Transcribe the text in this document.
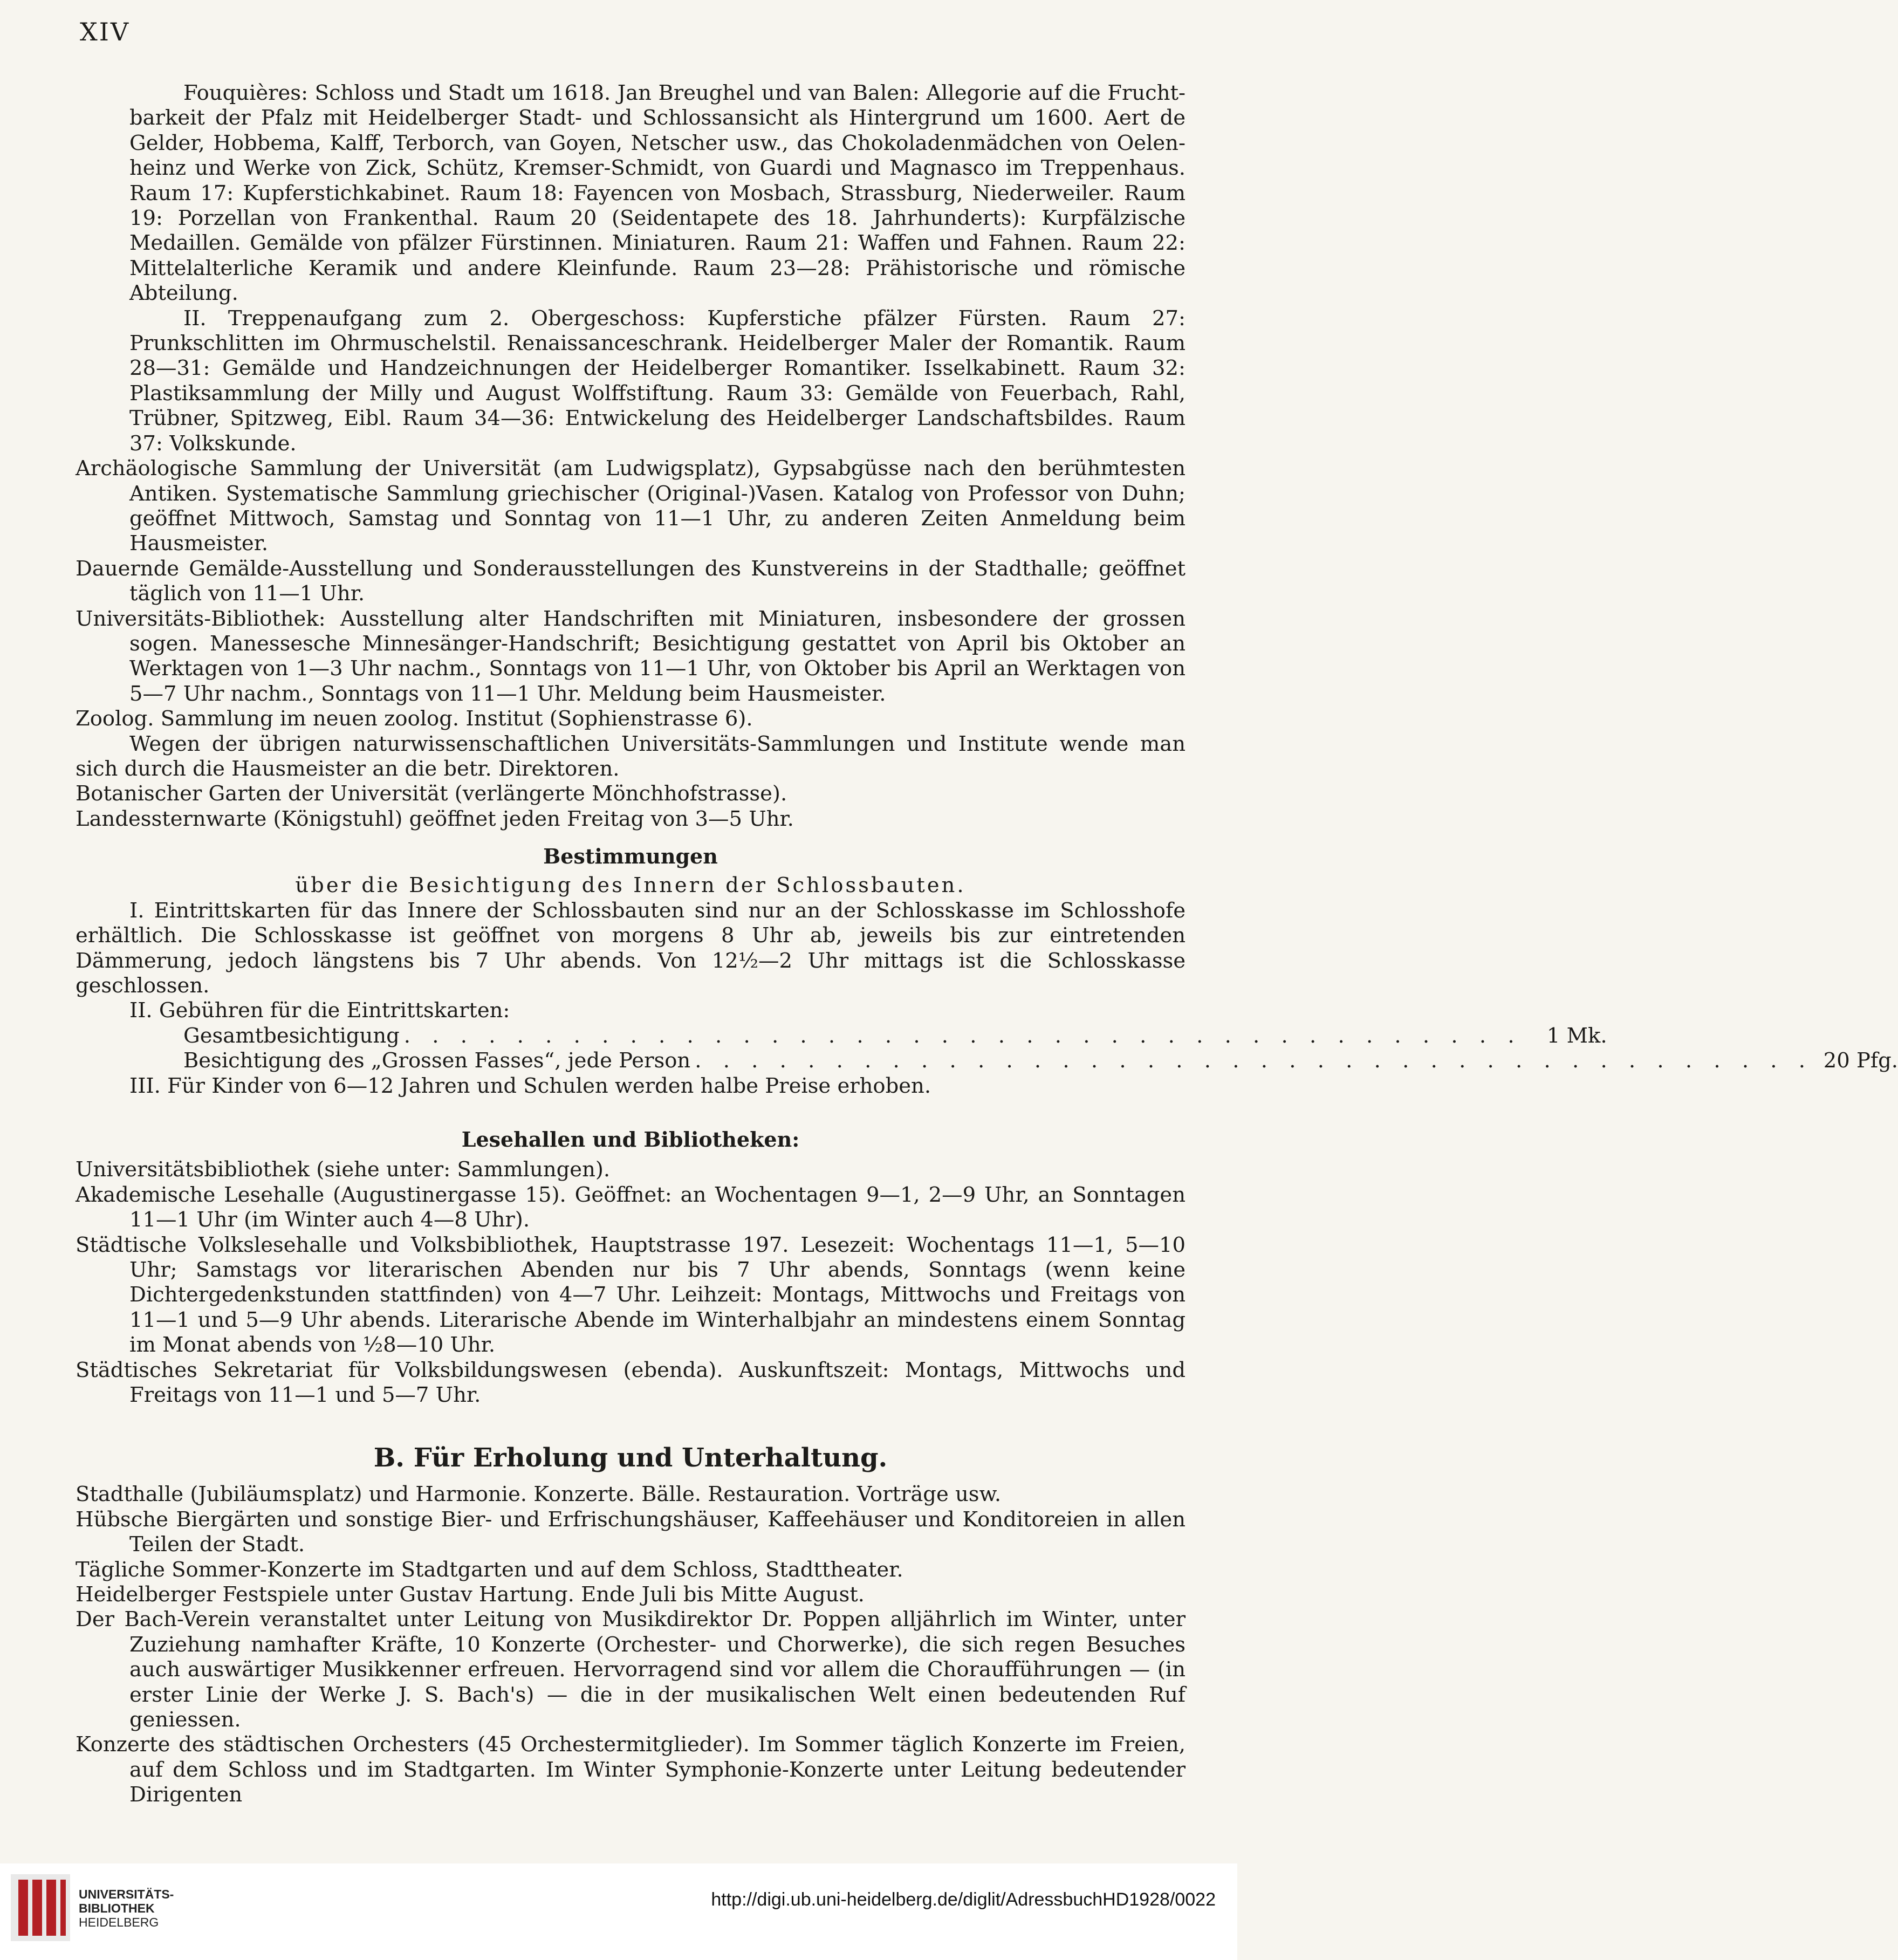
XIV

Fouquières: Schloss und Stadt um 1618. Jan Breughel und van Balen: Allegorie auf die Fruchtbarkeit der Pfalz mit Heidelberger Stadt- und Schlossansicht als Hintergrund um 1600. Aert de Gelder, Hobbema, Kalff, Terborch, van Goyen, Netscher usw., das Chokoladenmädchen von Oelenheinz und Werke von Zick, Schütz, Kremser-Schmidt, von Guardi und Magnasco im Treppenhaus. Raum 17: Kupferstichkabinet. Raum 18: Fayencen von Mosbach, Strassburg, Niederweiler. Raum 19: Porzellan von Frankenthal. Raum 20 (Seidentapete des 18. Jahrhunderts): Kurpfälzische Medaillen. Gemälde von pfälzer Fürstinnen. Miniaturen. Raum 21: Waffen und Fahnen. Raum 22: Mittelalterliche Keramik und andere Kleinfunde. Raum 23—28: Prähistorische und römische Abteilung.

II. Treppenaufgang zum 2. Obergeschoss: Kupferstiche pfälzer Fürsten. Raum 27: Prunkschlitten im Ohrmuschelstil. Renaissanceschrank. Heidelberger Maler der Romantik. Raum 28—31: Gemälde und Handzeichnungen der Heidelberger Romantiker. Isselkabinett. Raum 32: Plastiksammlung der Milly und August Wolffstiftung. Raum 33: Gemälde von Feuerbach, Rahl, Trübner, Spitzweg, Eibl. Raum 34—36: Entwickelung des Heidelberger Landschaftsbildes. Raum 37: Volkskunde.

Archäologische Sammlung der Universität (am Ludwigsplatz), Gypsabgüsse nach den berühmtesten Antiken. Systematische Sammlung griechischer (Original-)Vasen. Katalog von Professor von Duhn; geöffnet Mittwoch, Samstag und Sonntag von 11—1 Uhr, zu anderen Zeiten Anmeldung beim Hausmeister.

Dauernde Gemälde-Ausstellung und Sonderausstellungen des Kunstvereins in der Stadthalle; geöffnet täglich von 11—1 Uhr.

Universitäts-Bibliothek: Ausstellung alter Handschriften mit Miniaturen, insbesondere der grossen sogen. Manessesche Minnesänger-Handschrift; Besichtigung gestattet von April bis Oktober an Werktagen von 1—3 Uhr nachm., Sonntags von 11—1 Uhr, von Oktober bis April an Werktagen von 5—7 Uhr nachm., Sonntags von 11—1 Uhr. Meldung beim Hausmeister.

Zoolog. Sammlung im neuen zoolog. Institut (Sophienstrasse 6).

Wegen der übrigen naturwissenschaftlichen Universitäts-Sammlungen und Institute wende man sich durch die Hausmeister an die betr. Direktoren.

Botanischer Garten der Universität (verlängerte Mönchhofstrasse).

Landessternwarte (Königstuhl) geöffnet jeden Freitag von 3—5 Uhr.

Bestimmungen

über die Besichtigung des Innern der Schlossbauten.

I. Eintrittskarten für das Innere der Schlossbauten sind nur an der Schlosskasse im Schlosshofe erhältlich. Die Schlosskasse ist geöffnet von morgens 8 Uhr ab, jeweils bis zur eintretenden Dämmerung, jedoch längstens bis 7 Uhr abends. Von 12½—2 Uhr mittags ist die Schlosskasse geschlossen.

II. Gebühren für die Eintrittskarten:

Gesamtbesichtigung . . . . . . . . . . . . . . . . . . . . . . . . . . . . . . . . . . . . . . . .	1 Mk.
Besichtigung des „Grossen Fasses“, jede Person . . . . . . . . . . . . . . . . . . . . . . . . . . . . . . . . . . . . . . . . 20 Pfg.

III. Für Kinder von 6—12 Jahren und Schulen werden halbe Preise erhoben.

Lesehallen und Bibliotheken:

Universitätsbibliothek (siehe unter: Sammlungen).

Akademische Lesehalle (Augustinergasse 15). Geöffnet: an Wochentagen 9—1, 2—9 Uhr, an Sonntagen 11—1 Uhr (im Winter auch 4—8 Uhr).

Städtische Volkslesehalle und Volksbibliothek, Hauptstrasse 197. Lesezeit: Wochentags 11—1, 5—10 Uhr; Samstags vor literarischen Abenden nur bis 7 Uhr abends, Sonntags (wenn keine Dichtergedenkstunden stattfinden) von 4—7 Uhr. Leihzeit: Montags, Mittwochs und Freitags von 11—1 und 5—9 Uhr abends. Literarische Abende im Winterhalbjahr an mindestens einem Sonntag im Monat abends von ½8—10 Uhr.

Städtisches Sekretariat für Volksbildungswesen (ebenda). Auskunftszeit: Montags, Mittwochs und Freitags von 11—1 und 5—7 Uhr.

B. Für Erholung und Unterhaltung.

Stadthalle (Jubiläumsplatz) und Harmonie. Konzerte. Bälle. Restauration. Vorträge usw.

Hübsche Biergärten und sonstige Bier- und Erfrischungshäuser, Kaffeehäuser und Konditoreien in allen Teilen der Stadt.

Tägliche Sommer-Konzerte im Stadtgarten und auf dem Schloss, Stadttheater.

Heidelberger Festspiele unter Gustav Hartung. Ende Juli bis Mitte August.

Der Bach-Verein veranstaltet unter Leitung von Musikdirektor Dr. Poppen alljährlich im Winter, unter Zuziehung namhafter Kräfte, 10 Konzerte (Orchester- und Chorwerke), die sich regen Besuches auch auswärtiger Musikkenner erfreuen. Hervorragend sind vor allem die Choraufführungen — (in erster Linie der Werke J. S. Bach's) — die in der musikalischen Welt einen bedeutenden Ruf geniessen.

Konzerte des städtischen Orchesters (45 Orchestermitglieder). Im Sommer täglich Konzerte im Freien, auf dem Schloss und im Stadtgarten. Im Winter Symphonie-Konzerte unter Leitung bedeutender Dirigenten

UNIVERSITÄTS-
BIBLIOTHEK
HEIDELBERG
http://digi.ub.uni-heidelberg.de/diglit/AdressbuchHD1928/0022
